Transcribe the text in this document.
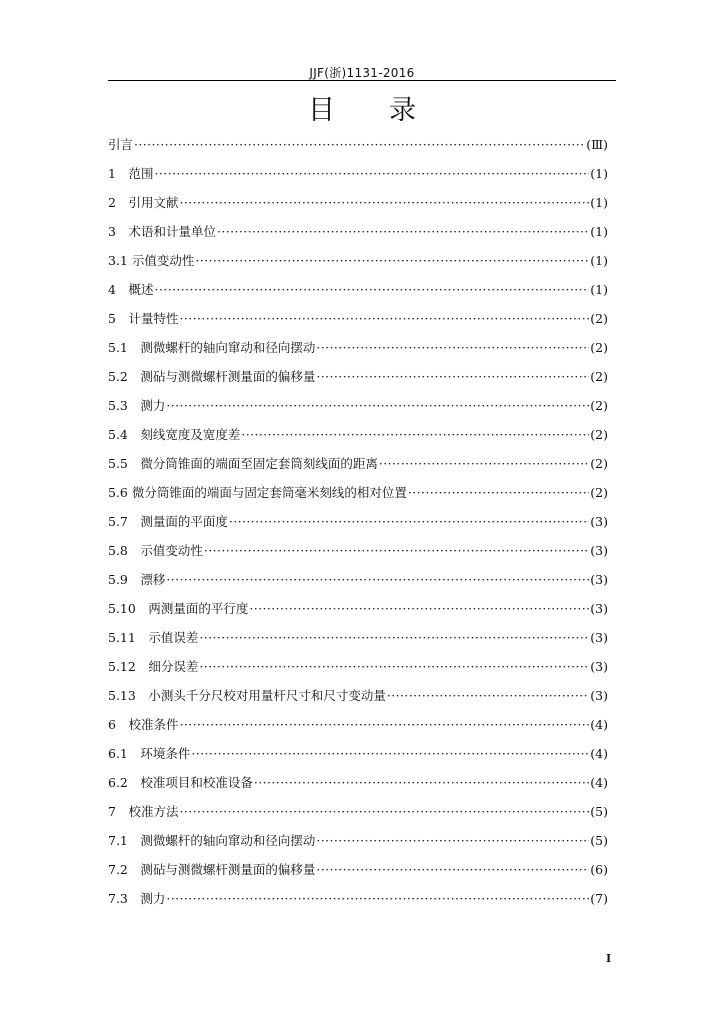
JJF(浙)1131-2016
目 录
引言 ·····	(Ⅲ)
1　范围 ·····	(1)
2　引用文献 ·····	(1)
3　术语和计量单位 ·····	(1)
3.1 示值变动性 ·····	(1)
4　概述 ·····	(1)
5　计量特性 ·····	(2)
5.1　测微螺杆的轴向窜动和径向摆动 ·····	(2)
5.2　测砧与测微螺杆测量面的偏移量 ·····	(2)
5.3　测力 ·····	(2)
5.4　刻线宽度及宽度差 ·····	(2)
5.5　微分筒锥面的端面至固定套筒刻线面的距离 ·····	(2)
5.6 微分筒锥面的端面与固定套筒毫米刻线的相对位置 ·····	(2)
5.7　测量面的平面度 ·····	(3)
5.8　示值变动性 ·····	(3)
5.9　漂移 ·····	(3)
5.10　两测量面的平行度 ·····	(3)
5.11　示值误差 ·····	(3)
5.12　细分误差 ·····	(3)
5.13　小测头千分尺校对用量杆尺寸和尺寸变动量 ·····	(3)
6　校准条件 ·····	(4)
6.1　环境条件 ·····	(4)
6.2　校准项目和校准设备 ·····	(4)
7　校准方法 ·····	(5)
7.1　测微螺杆的轴向窜动和径向摆动 ·····	(5)
7.2　测砧与测微螺杆测量面的偏移量 ·····	(6)
7.3　测力 ·····	(7)
I
